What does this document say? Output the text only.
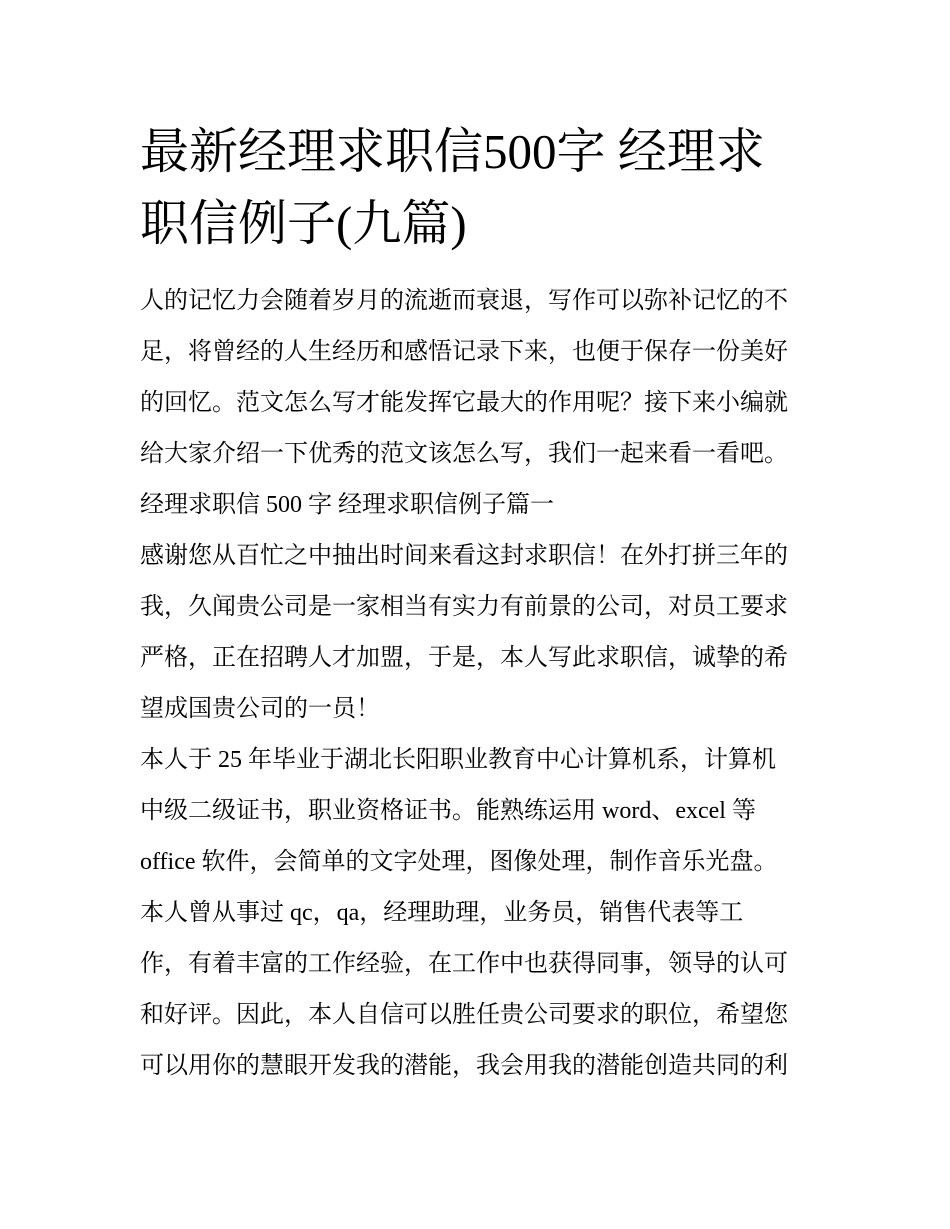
最新经理求职信500字 经理求
职信例子(九篇)
人的记忆力会随着岁月的流逝而衰退，写作可以弥补记忆的不
足，将曾经的人生经历和感悟记录下来，也便于保存一份美好
的回忆。范文怎么写才能发挥它最大的作用呢？接下来小编就
给大家介绍一下优秀的范文该怎么写，我们一起来看一看吧。
经理求职信 500 字 经理求职信例子篇一
感谢您从百忙之中抽出时间来看这封求职信！在外打拼三年的
我，久闻贵公司是一家相当有实力有前景的公司，对员工要求
严格，正在招聘人才加盟，于是，本人写此求职信，诚挚的希
望成国贵公司的一员！
本人于 25 年毕业于湖北长阳职业教育中心计算机系，计算机
中级二级证书，职业资格证书。能熟练运用 word、excel 等
office 软件，会简单的文字处理，图像处理，制作音乐光盘。
本人曾从事过 qc，qa，经理助理，业务员，销售代表等工
作，有着丰富的工作经验，在工作中也获得同事，领导的认可
和好评。因此，本人自信可以胜任贵公司要求的职位，希望您
可以用你的慧眼开发我的潜能，我会用我的潜能创造共同的利
